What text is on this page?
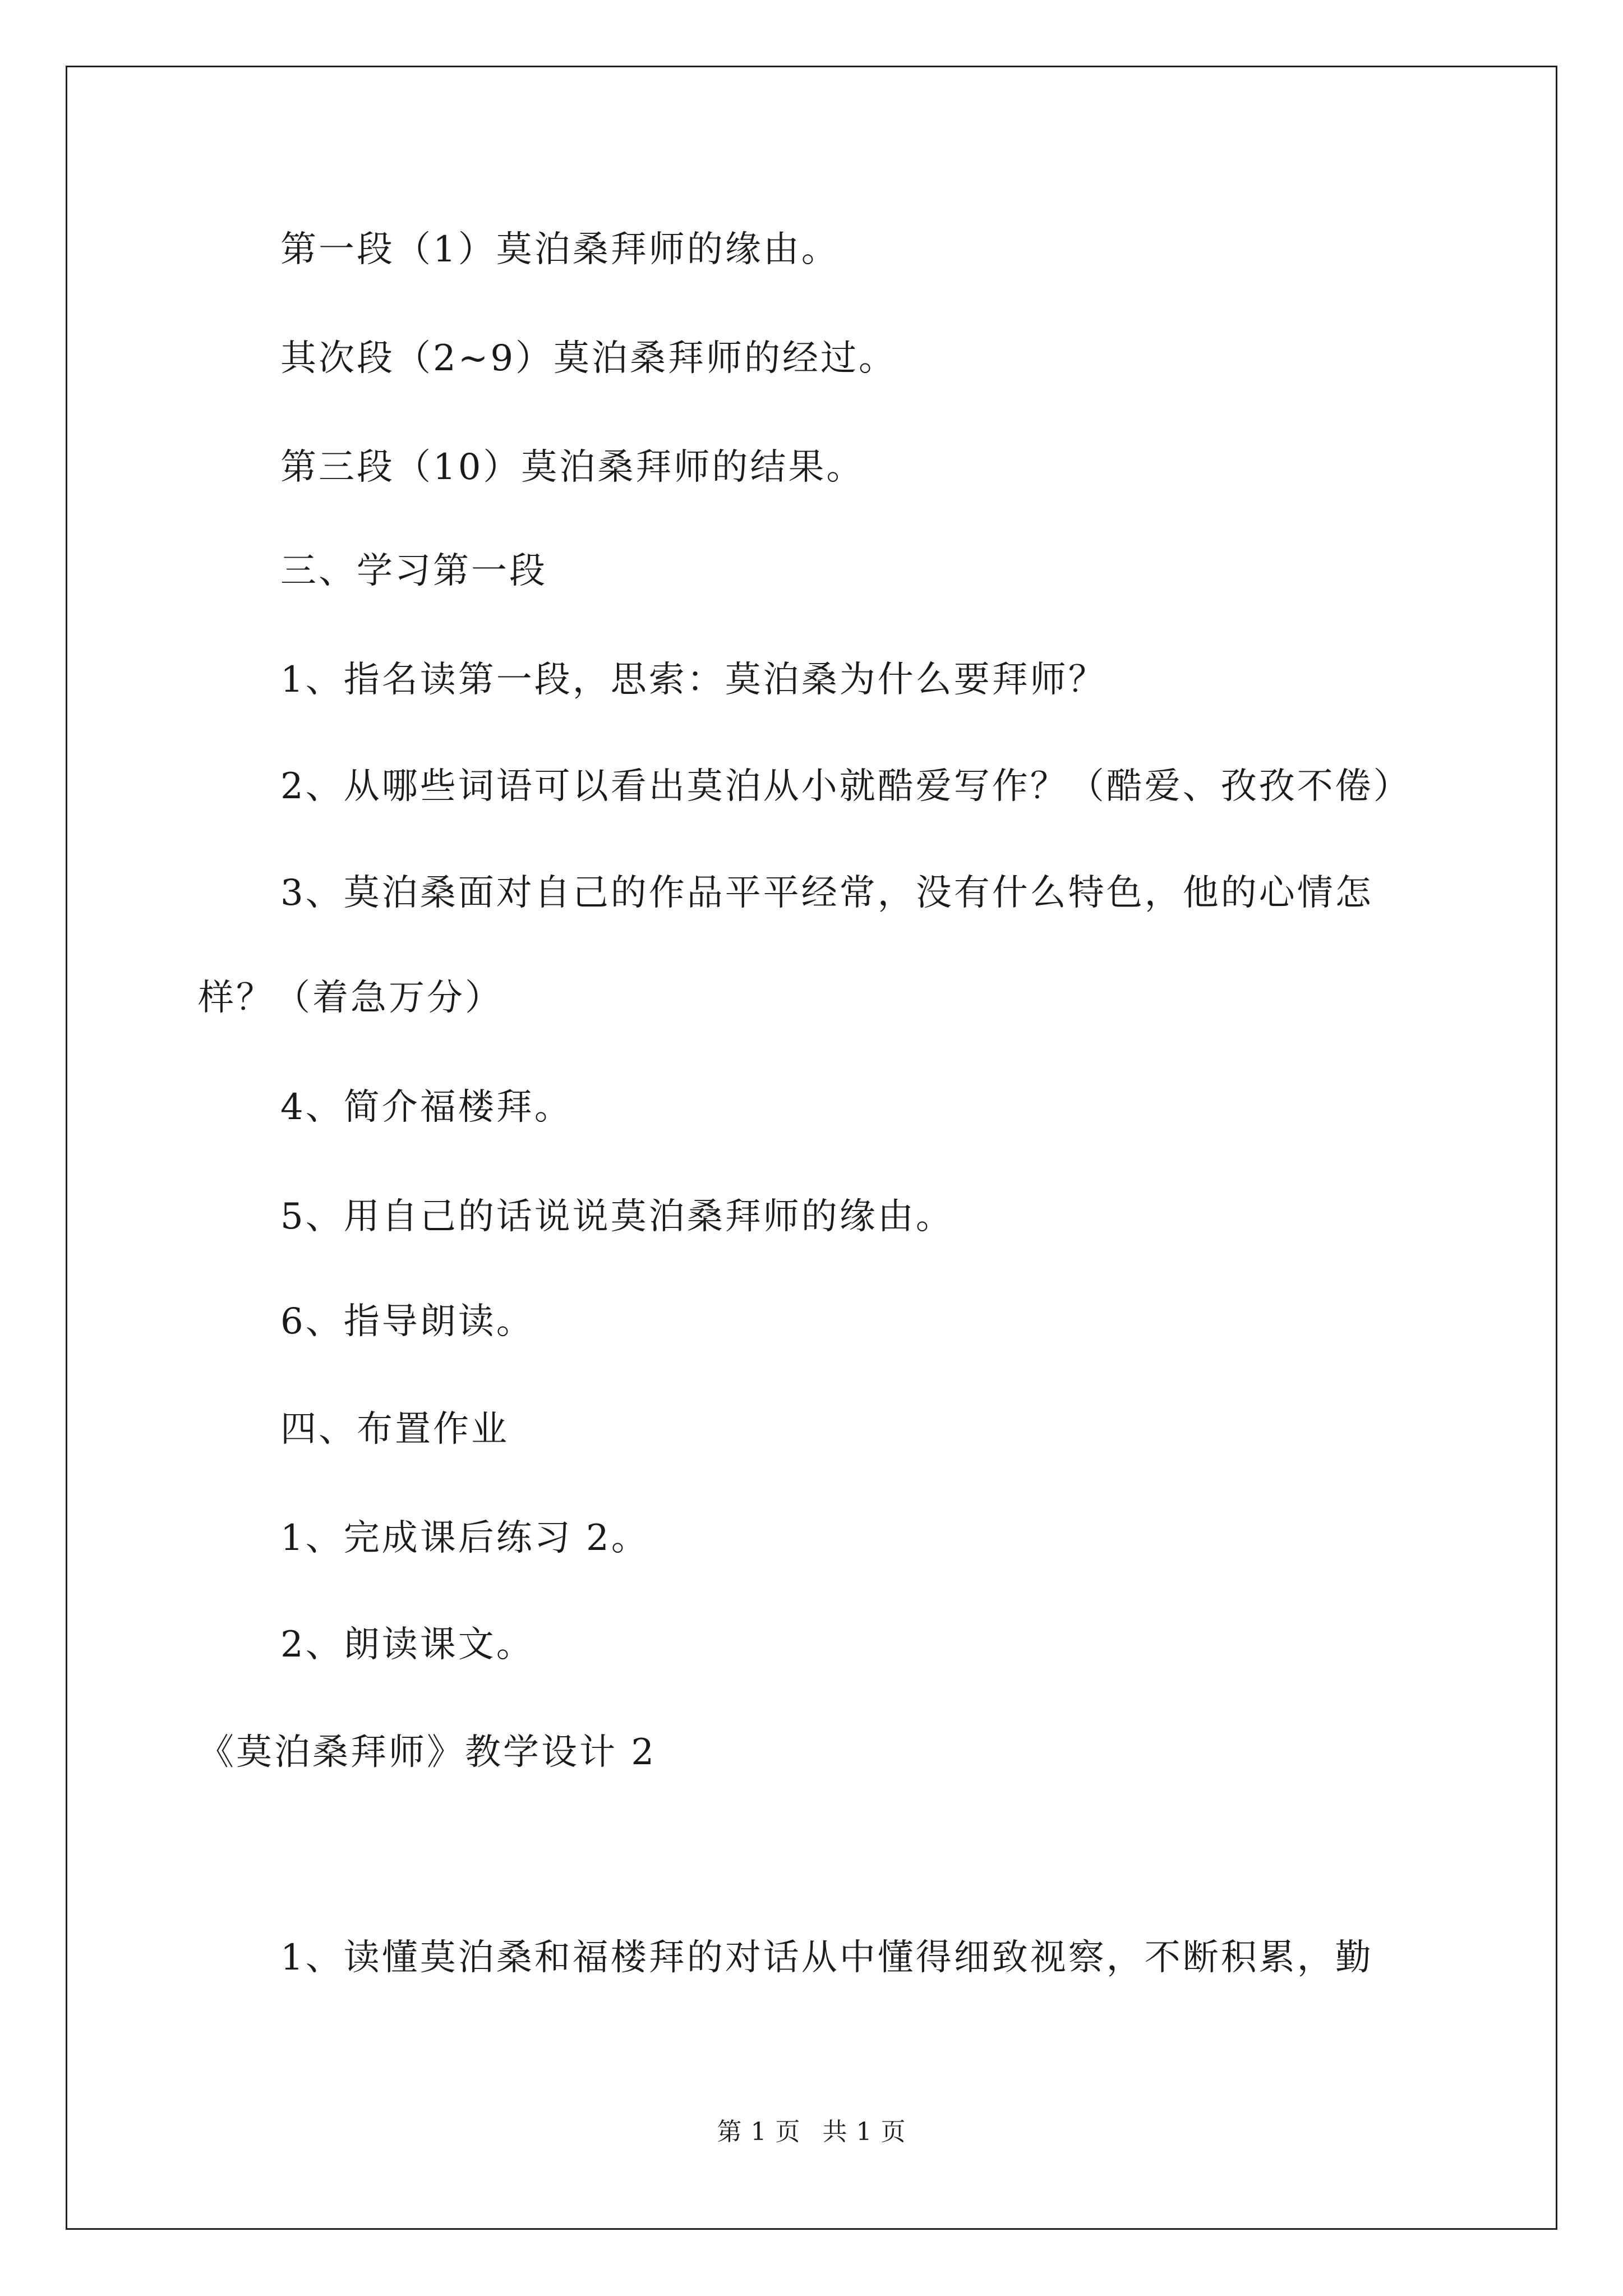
第一段（1）莫泊桑拜师的缘由。
其次段（2~9）莫泊桑拜师的经过。
第三段（10）莫泊桑拜师的结果。
三、学习第一段
1、指名读第一段，思索：莫泊桑为什么要拜师？
2、从哪些词语可以看出莫泊从小就酷爱写作？（酷爱、孜孜不倦）
3、莫泊桑面对自己的作品平平经常，没有什么特色，他的心情怎
样？（着急万分）
4、简介福楼拜。
5、用自己的话说说莫泊桑拜师的缘由。
6、指导朗读。
四、布置作业
1、完成课后练习 2。
2、朗读课文。
《莫泊桑拜师》教学设计 2
1、读懂莫泊桑和福楼拜的对话从中懂得细致视察，不断积累，勤
第 1 页 共 1 页
